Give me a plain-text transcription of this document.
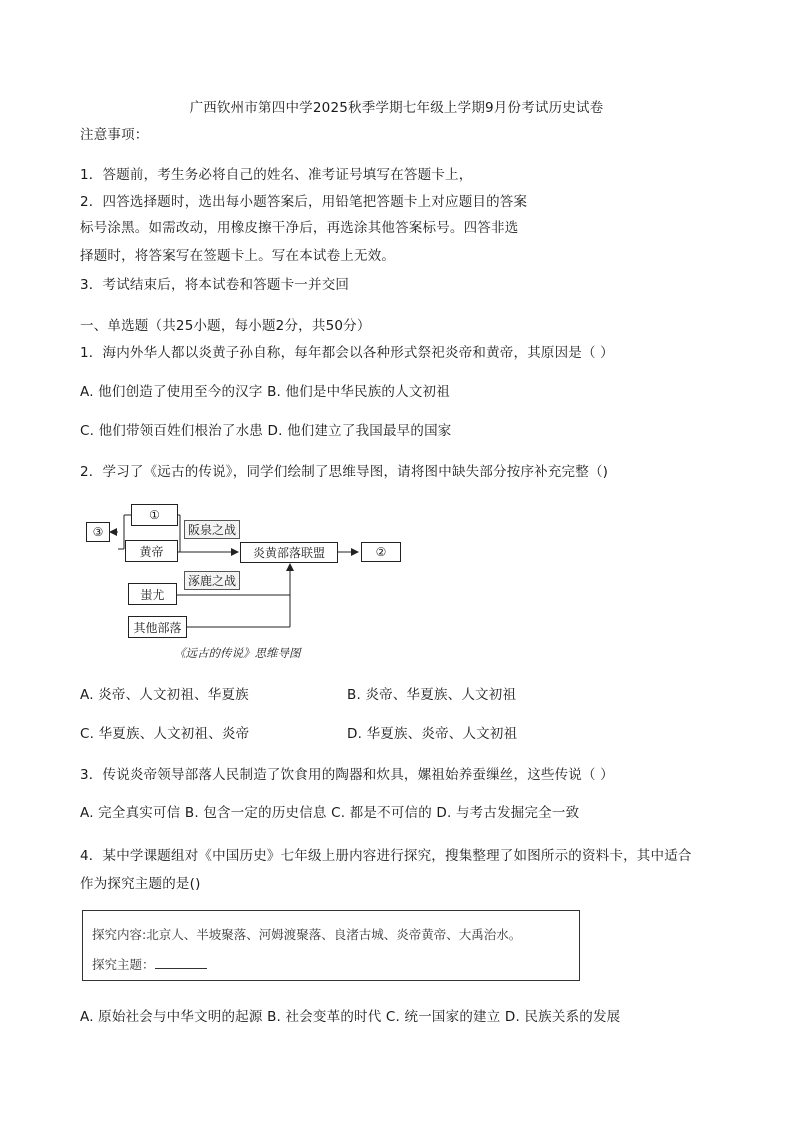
广西钦州市第四中学2025秋季学期七年级上学期9月份考试历史试卷
注意事项：
1．答题前，考生务必将自己的姓名、准考证号填写在答题卡上，
2．四答选择题时，选出每小题答案后，用铅笔把答题卡上对应题目的答案
标号涂黑。如需改动，用橡皮擦干净后，再选涂其他答案标号。四答非选
择题时，将答案写在签题卡上。写在本试卷上无效。
3．考试结束后，将本试卷和答题卡一并交回
一、单选题（共25小题，每小题2分，共50分）
1．海内外华人都以炎黄子孙自称，每年都会以各种形式祭祀炎帝和黄帝，其原因是（ ）
A. 他们创造了使用至今的汉字 B. 他们是中华民族的人文初祖
C. 他们带领百姓们根治了水患 D. 他们建立了我国最早的国家
2．学习了《远古的传说》，同学们绘制了思维导图，请将图中缺失部分按序补充完整（)
①
③
黄帝
阪泉之战
炎黄部落联盟	②
蚩尤
涿鹿之战
其他部落
《远古的传说》思维导图
A. 炎帝、人文初祖、华夏族	B. 炎帝、华夏族、人文初祖
C. 华夏族、人文初祖、炎帝	D. 华夏族、炎帝、人文初祖
3．传说炎帝领导部落人民制造了饮食用的陶器和炊具，嫘祖始养蚕缫丝，这些传说（ ）
A. 完全真实可信 B. 包含一定的历史信息 C. 都是不可信的 D. 与考古发掘完全一致
4．某中学课题组对《中国历史》七年级上册内容进行探究，搜集整理了如图所示的资料卡，其中适合
作为探究主题的是()
探究内容:北京人、半坡聚落、河姆渡聚落、良渚古城、炎帝黄帝、大禹治水。
探究主题：
A. 原始社会与中华文明的起源 B. 社会变革的时代 C. 统一国家的建立 D. 民族关系的发展
